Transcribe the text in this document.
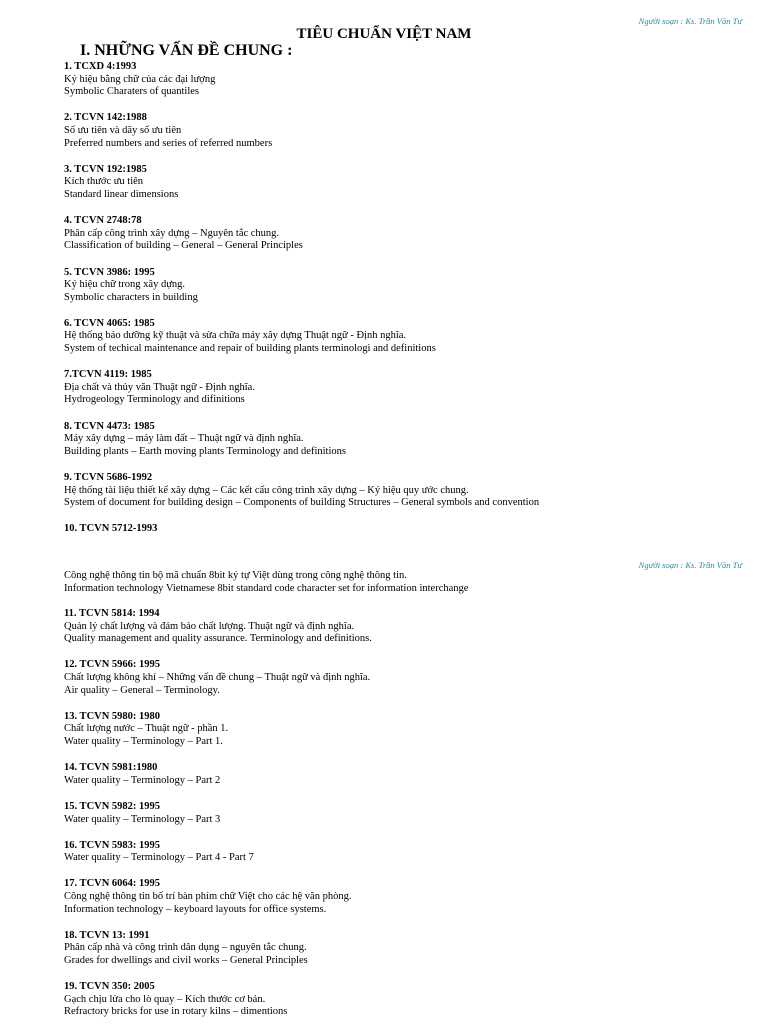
Người soạn : Ks. Trần Văn Tư
TIÊU CHUẨN VIỆT NAM
I. NHỮNG VẤN ĐỀ CHUNG :
1. TCXD 4:1993
Ký hiệu bằng chữ của các đại lượng
Symbolic Charaters of quantiles
2. TCVN 142:1988
Số ưu tiên và dãy số ưu tiên
Preferred numbers and series of referred numbers
3. TCVN 192:1985
Kích thước ưu tiên
Standard linear dimensions
4. TCVN 2748:78
Phân cấp công trình xây dựng – Nguyên tắc chung.
Classification of building – General – General Principles
5. TCVN 3986: 1995
Ký hiệu chữ trong xây dựng.
Symbolic characters in building
6. TCVN 4065: 1985
Hệ thống bảo dưỡng kỹ thuật và sửa chữa máy xây dựng Thuật ngữ - Định nghĩa.
System of techical maintenance and repair of building plants terminologi and definitions
7.TCVN 4119: 1985
Địa chất và thủy văn Thuật ngữ - Định nghĩa.
Hydrogeology Terminology and difinitions
8. TCVN 4473: 1985
Máy xây dựng – máy làm đất – Thuật ngữ và định nghĩa.
Building plants – Earth moving plants Terminology and definitions
9. TCVN 5686-1992
Hệ thống tài liệu thiết kế xây dựng – Các kết cấu công trình xây dựng – Ký hiệu quy ước chung.
System of document for building design – Components of building Structures – General symbols and convention
10. TCVN 5712-1993
Người soạn : Ks. Trần Văn Tư
Công nghệ thông tin bộ mã chuẩn 8bit ký tự Việt dùng trong công nghệ thông tin.
Information technology Vietnamese 8bit standard code character set for information interchange
11. TCVN 5814: 1994
Quản lý chất lượng và đảm bảo chất lượng. Thuật ngữ và định nghĩa.
Quality management and quality assurance. Terminology and definitions.
12. TCVN 5966: 1995
Chất lượng không khí – Những vấn đề chung – Thuật ngữ và định nghĩa.
Air quality – General – Terminology.
13. TCVN 5980: 1980
Chất lượng nước – Thuật ngữ - phần 1.
Water quality – Terminology – Part 1.
14. TCVN 5981:1980
Water quality – Terminology – Part 2
15. TCVN 5982: 1995
Water quality – Terminology – Part 3
16. TCVN 5983: 1995
Water quality – Terminology – Part 4 - Part 7
17. TCVN 6064: 1995
Công nghệ thông tin bố trí bàn phím chữ Việt cho các hệ văn phòng.
Information technology – keyboard layouts for office systems.
18. TCVN 13: 1991
Phân cấp nhà và công trình dân dụng – nguyên tắc chung.
Grades for dwellings and civil works – General Principles
19. TCVN 350: 2005
Gạch chịu lửa cho lò quay – Kích thước cơ bản.
Refractory bricks for use in rotary kilns – dimentions
